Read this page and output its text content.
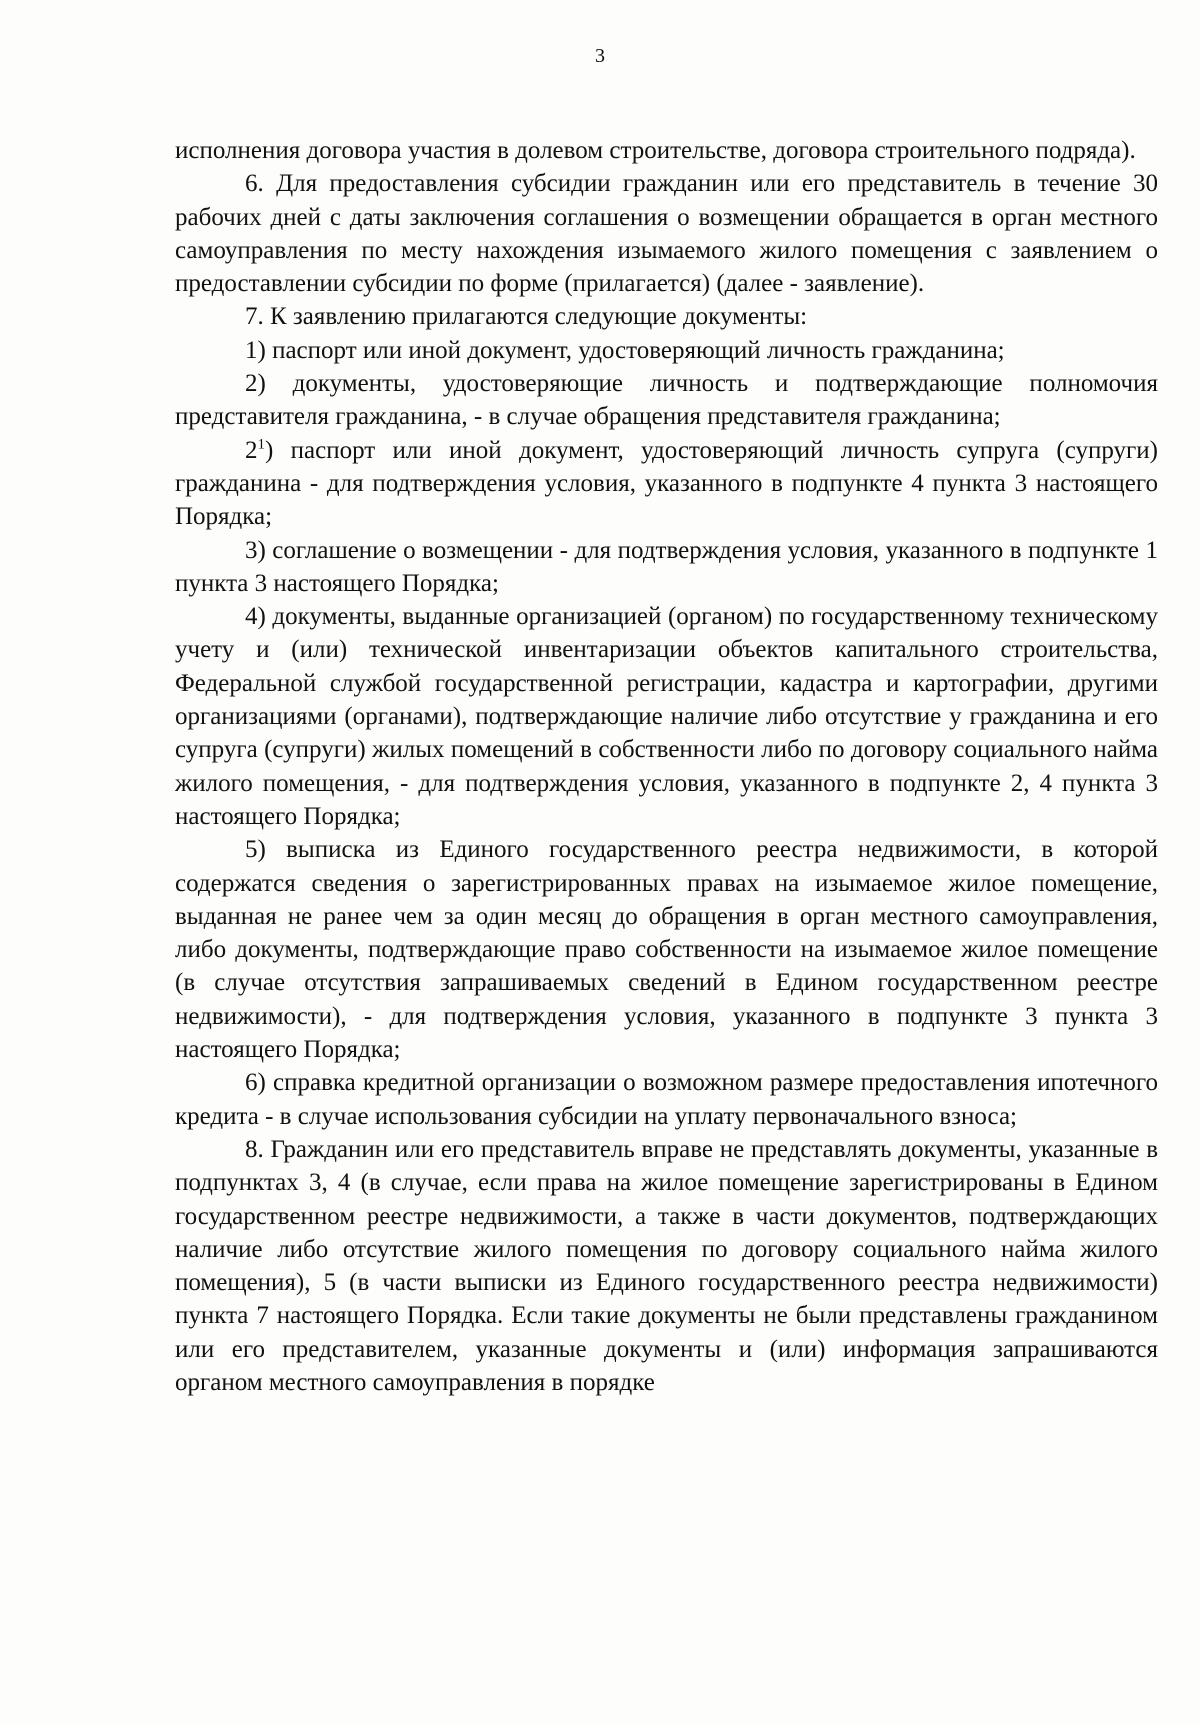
3

исполнения договора участия в долевом строительстве, договора строительного подряда).

6. Для предоставления субсидии гражданин или его представитель в течение 30 рабочих дней с даты заключения соглашения о возмещении обращается в орган местного самоуправления по месту нахождения изымаемого жилого помещения с заявлением о предоставлении субсидии по форме (прилагается) (далее - заявление).

7. К заявлению прилагаются следующие документы:

1) паспорт или иной документ, удостоверяющий личность гражданина;

2) документы, удостоверяющие личность и подтверждающие полномочия представителя гражданина, - в случае обращения представителя гражданина;

$2^1$) паспорт или иной документ, удостоверяющий личность супруга (супруги) гражданина - для подтверждения условия, указанного в подпункте 4 пункта 3 настоящего Порядка;

3) соглашение о возмещении - для подтверждения условия, указанного в подпункте 1 пункта 3 настоящего Порядка;

4) документы, выданные организацией (органом) по государственному техническому учету и (или) технической инвентаризации объектов капитального строительства, Федеральной службой государственной регистрации, кадастра и картографии, другими организациями (органами), подтверждающие наличие либо отсутствие у гражданина и его супруга (супруги) жилых помещений в собственности либо по договору социального найма жилого помещения, - для подтверждения условия, указанного в подпункте 2, 4 пункта 3 настоящего Порядка;

5) выписка из Единого государственного реестра недвижимости, в которой содержатся сведения о зарегистрированных правах на изымаемое жилое помещение, выданная не ранее чем за один месяц до обращения в орган местного самоуправления, либо документы, подтверждающие право собственности на изымаемое жилое помещение (в случае отсутствия запрашиваемых сведений в Едином государственном реестре недвижимости), - для подтверждения условия, указанного в подпункте 3 пункта 3 настоящего Порядка;

6) справка кредитной организации о возможном размере предоставления ипотечного кредита - в случае использования субсидии на уплату первоначального взноса;

8. Гражданин или его представитель вправе не представлять документы, указанные в подпунктах 3, 4 (в случае, если права на жилое помещение зарегистрированы в Едином государственном реестре недвижимости, а также в части документов, подтверждающих наличие либо отсутствие жилого помещения по договору социального найма жилого помещения), 5 (в части выписки из Единого государственного реестра недвижимости) пункта 7 настоящего Порядка. Если такие документы не были представлены гражданином или его представителем, указанные документы и (или) информация запрашиваются органом местного самоуправления в порядке
